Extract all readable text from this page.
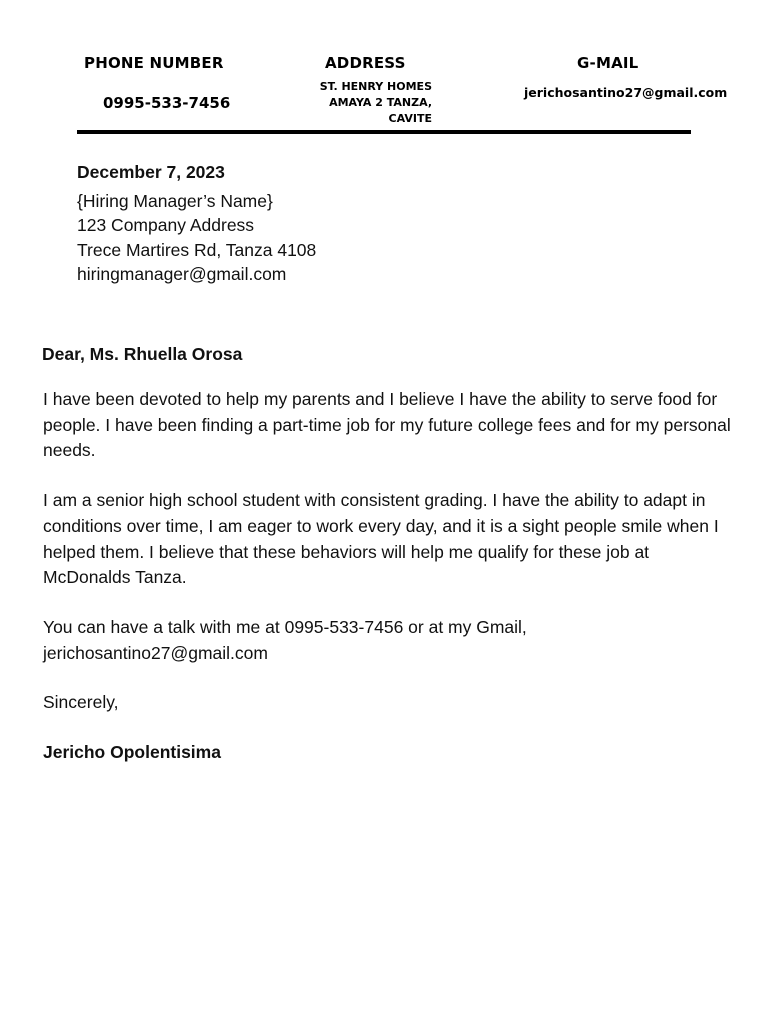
PHONE NUMBER
0995-533-7456
ADDRESS
ST. HENRY HOMES
AMAYA 2 TANZA,
CAVITE
G-MAIL
jerichosantino27@gmail.com
December 7, 2023
{Hiring Manager’s Name}
123 Company Address
Trece Martires Rd, Tanza 4108
hiringmanager@gmail.com
Dear, Ms. Rhuella Orosa

I have been devoted to help my parents and I believe I have the ability to serve food for people. I have been finding a part-time job for my future college fees and for my personal needs.

I am a senior high school student with consistent grading. I have the ability to adapt in conditions over time, I am eager to work every day, and it is a sight people smile when I helped them. I believe that these behaviors will help me qualify for these job at McDonalds Tanza.

You can have a talk with me at 0995-533-7456 or at my Gmail, jerichosantino27@gmail.com

Sincerely,

Jericho Opolentisima
